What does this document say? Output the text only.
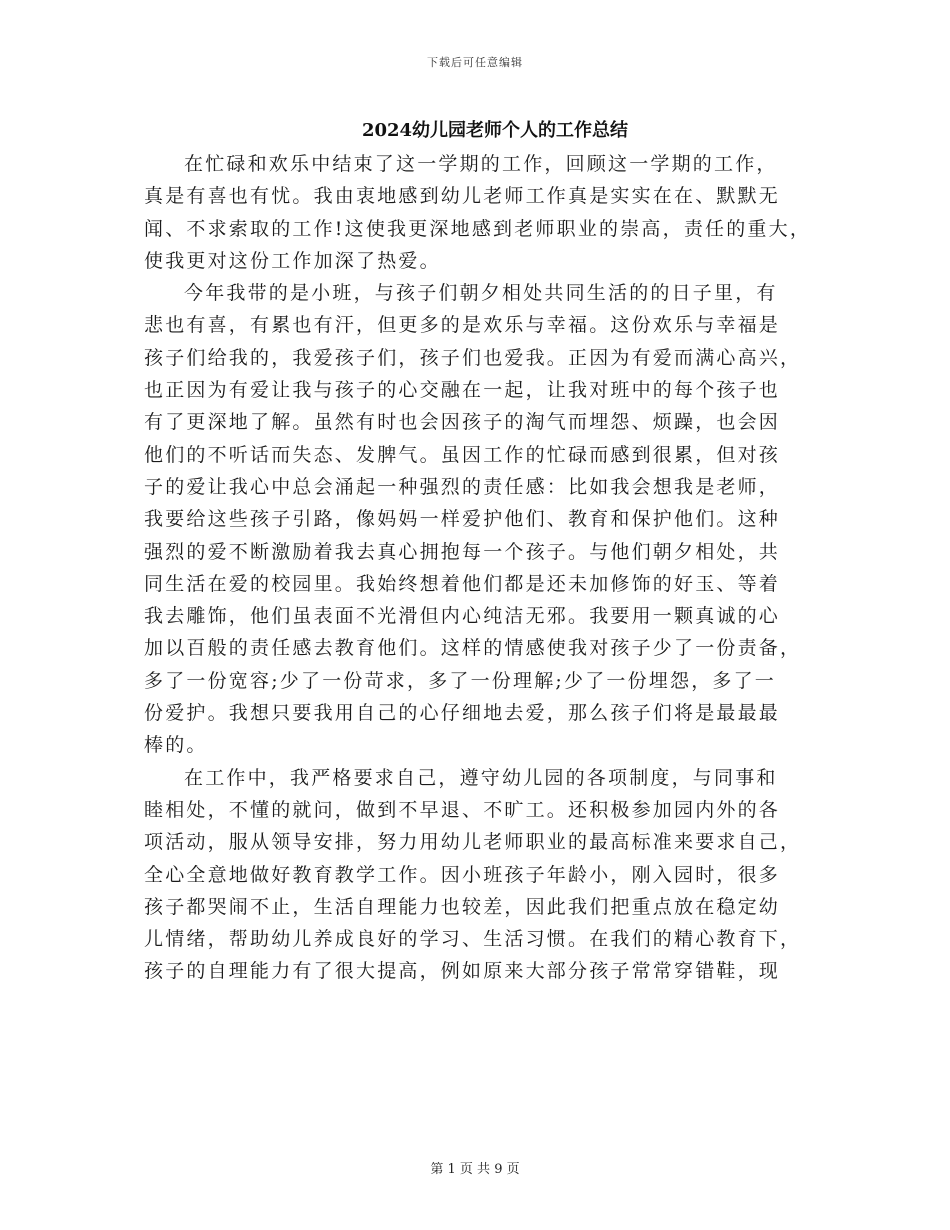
下载后可任意编辑
2024幼儿园老师个人的工作总结
在忙碌和欢乐中结束了这一学期的工作，回顾这一学期的工作，
真是有喜也有忧。我由衷地感到幼儿老师工作真是实实在在、默默无
闻、不求索取的工作!这使我更深地感到老师职业的崇高，责任的重大，
使我更对这份工作加深了热爱。
今年我带的是小班，与孩子们朝夕相处共同生活的的日子里，有
悲也有喜，有累也有汗，但更多的是欢乐与幸福。这份欢乐与幸福是
孩子们给我的，我爱孩子们，孩子们也爱我。正因为有爱而满心高兴，
也正因为有爱让我与孩子的心交融在一起，让我对班中的每个孩子也
有了更深地了解。虽然有时也会因孩子的淘气而埋怨、烦躁，也会因
他们的不听话而失态、发脾气。虽因工作的忙碌而感到很累，但对孩
子的爱让我心中总会涌起一种强烈的责任感：比如我会想我是老师，
我要给这些孩子引路，像妈妈一样爱护他们、教育和保护他们。这种
强烈的爱不断激励着我去真心拥抱每一个孩子。与他们朝夕相处，共
同生活在爱的校园里。我始终想着他们都是还未加修饰的好玉、等着
我去雕饰，他们虽表面不光滑但内心纯洁无邪。我要用一颗真诚的心
加以百般的责任感去教育他们。这样的情感使我对孩子少了一份责备，
多了一份宽容;少了一份苛求，多了一份理解;少了一份埋怨，多了一
份爱护。我想只要我用自己的心仔细地去爱，那么孩子们将是最最最
棒的。
在工作中，我严格要求自己，遵守幼儿园的各项制度，与同事和
睦相处，不懂的就问，做到不早退、不旷工。还积极参加园内外的各
项活动，服从领导安排，努力用幼儿老师职业的最高标准来要求自己，
全心全意地做好教育教学工作。因小班孩子年龄小，刚入园时，很多
孩子都哭闹不止，生活自理能力也较差，因此我们把重点放在稳定幼
儿情绪，帮助幼儿养成良好的学习、生活习惯。在我们的精心教育下，
孩子的自理能力有了很大提高，例如原来大部分孩子常常穿错鞋，现
第 1 页 共 9 页
